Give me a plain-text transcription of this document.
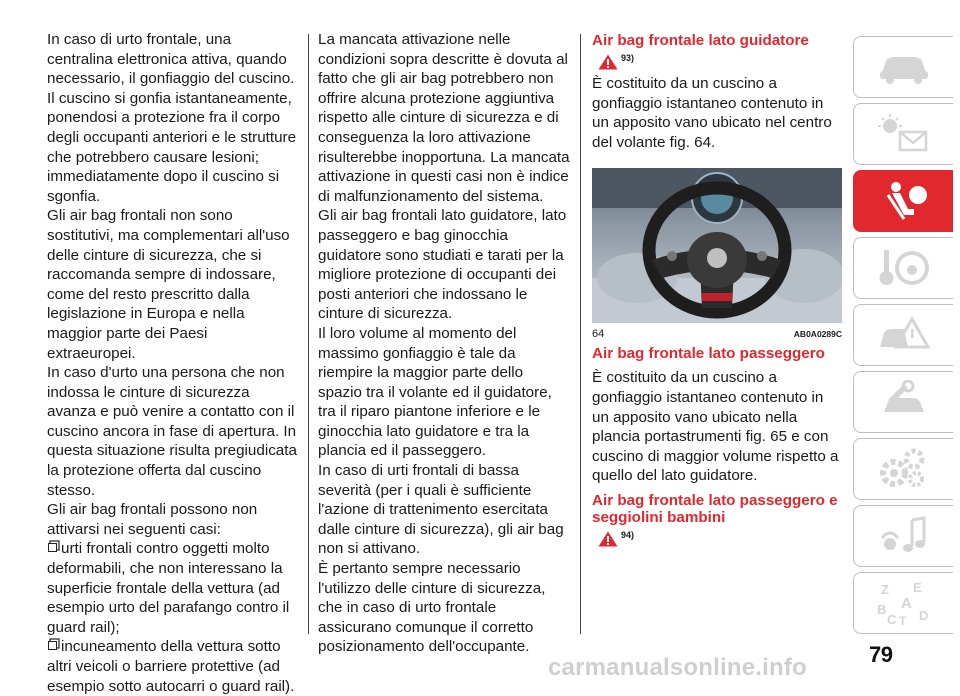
In caso di urto frontale, una centralina elettronica attiva, quando necessario, il gonfiaggio del cuscino.

Il cuscino si gonfia istantaneamente, ponendosi a protezione fra il corpo degli occupanti anteriori e le strutture che potrebbero causare lesioni; immediatamente dopo il cuscino si sgonfia.

Gli air bag frontali non sono sostitutivi, ma complementari all'uso delle cinture di sicurezza, che si raccomanda sempre di indossare, come del resto prescritto dalla legislazione in Europa e nella maggior parte dei Paesi extraeuropei.

In caso d'urto una persona che non indossa le cinture di sicurezza avanza e può venire a contatto con il cuscino ancora in fase di apertura. In questa situazione risulta pregiudicata la protezione offerta dal cuscino stesso.

Gli air bag frontali possono non attivarsi nei seguenti casi:

urti frontali contro oggetti molto deformabili, che non interessano la superficie frontale della vettura (ad esempio urto del parafango contro il guard rail);

incuneamento della vettura sotto altri veicoli o barriere protettive (ad esempio sotto autocarri o guard rail).

La mancata attivazione nelle condizioni sopra descritte è dovuta al fatto che gli air bag potrebbero non offrire alcuna protezione aggiuntiva rispetto alle cinture di sicurezza e di conseguenza la loro attivazione risulterebbe inopportuna. La mancata attivazione in questi casi non è indice di malfunzionamento del sistema.

Gli air bag frontali lato guidatore, lato passeggero e bag ginocchia guidatore sono studiati e tarati per la migliore protezione di occupanti dei posti anteriori che indossano le cinture di sicurezza.

Il loro volume al momento del massimo gonfiaggio è tale da riempire la maggior parte dello spazio tra il volante ed il guidatore, tra il riparo piantone inferiore e le ginocchia lato guidatore e tra la plancia ed il passeggero.

In caso di urti frontali di bassa severità (per i quali è sufficiente l'azione di trattenimento esercitata dalle cinture di sicurezza), gli air bag non si attivano.

È pertanto sempre necessario l'utilizzo delle cinture di sicurezza, che in caso di urto frontale assicurano comunque il corretto posizionamento dell'occupante.

Air bag frontale lato guidatore
93)

È costituito da un cuscino a gonfiaggio istantaneo contenuto in un apposito vano ubicato nel centro del volante fig. 64.

64	AB0A0289C
Air bag frontale lato passeggero

È costituito da un cuscino a gonfiaggio istantaneo contenuto in un apposito vano ubicato nella plancia portastrumenti fig. 65 e con cuscino di maggior volume rispetto a quello del lato guidatore.

Air bag frontale lato passeggero e seggiolini bambini
94)
Z E
A
B
C T D
carmanualsonline.info	79
